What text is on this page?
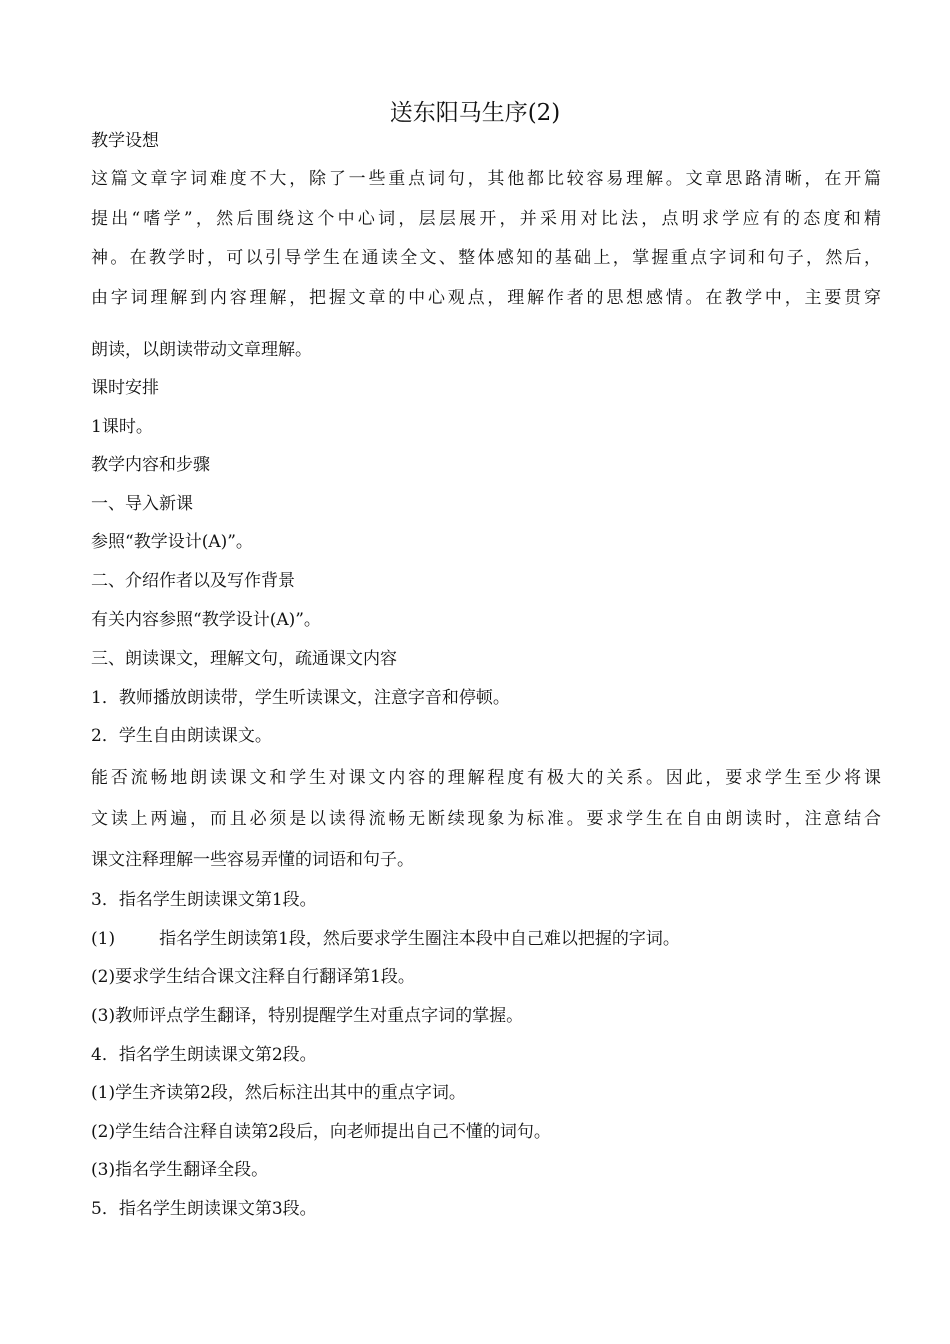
送东阳马生序(2)
教学设想
这篇文章字词难度不大，除了一些重点词句，其他都比较容易理解。文章思路清晰，在开篇
提出“嗜学”，然后围绕这个中心词，层层展开，并采用对比法，点明求学应有的态度和精
神。在教学时，可以引导学生在通读全文、整体感知的基础上，掌握重点字词和句子，然后，
由字词理解到内容理解，把握文章的中心观点，理解作者的思想感情。在教学中，主要贯穿
朗读，以朗读带动文章理解。
课时安排
1课时。
教学内容和步骤
一、导入新课
参照“教学设计(A)”。
二、介绍作者以及写作背景
有关内容参照“教学设计(A)”。
三、朗读课文，理解文句，疏通课文内容
1．教师播放朗读带，学生听读课文，注意字音和停顿。
2．学生自由朗读课文。
能否流畅地朗读课文和学生对课文内容的理解程度有极大的关系。因此，要求学生至少将课
文读上两遍，而且必须是以读得流畅无断续现象为标准。要求学生在自由朗读时，注意结合
课文注释理解一些容易弄懂的词语和句子。
3．指名学生朗读课文第1段。
(1)	指名学生朗读第1段，然后要求学生圈注本段中自己难以把握的字词。
(2)要求学生结合课文注释自行翻译第1段。
(3)教师评点学生翻译，特别提醒学生对重点字词的掌握。
4．指名学生朗读课文第2段。
(1)学生齐读第2段，然后标注出其中的重点字词。
(2)学生结合注释自读第2段后，向老师提出自己不懂的词句。
(3)指名学生翻译全段。
5．指名学生朗读课文第3段。
